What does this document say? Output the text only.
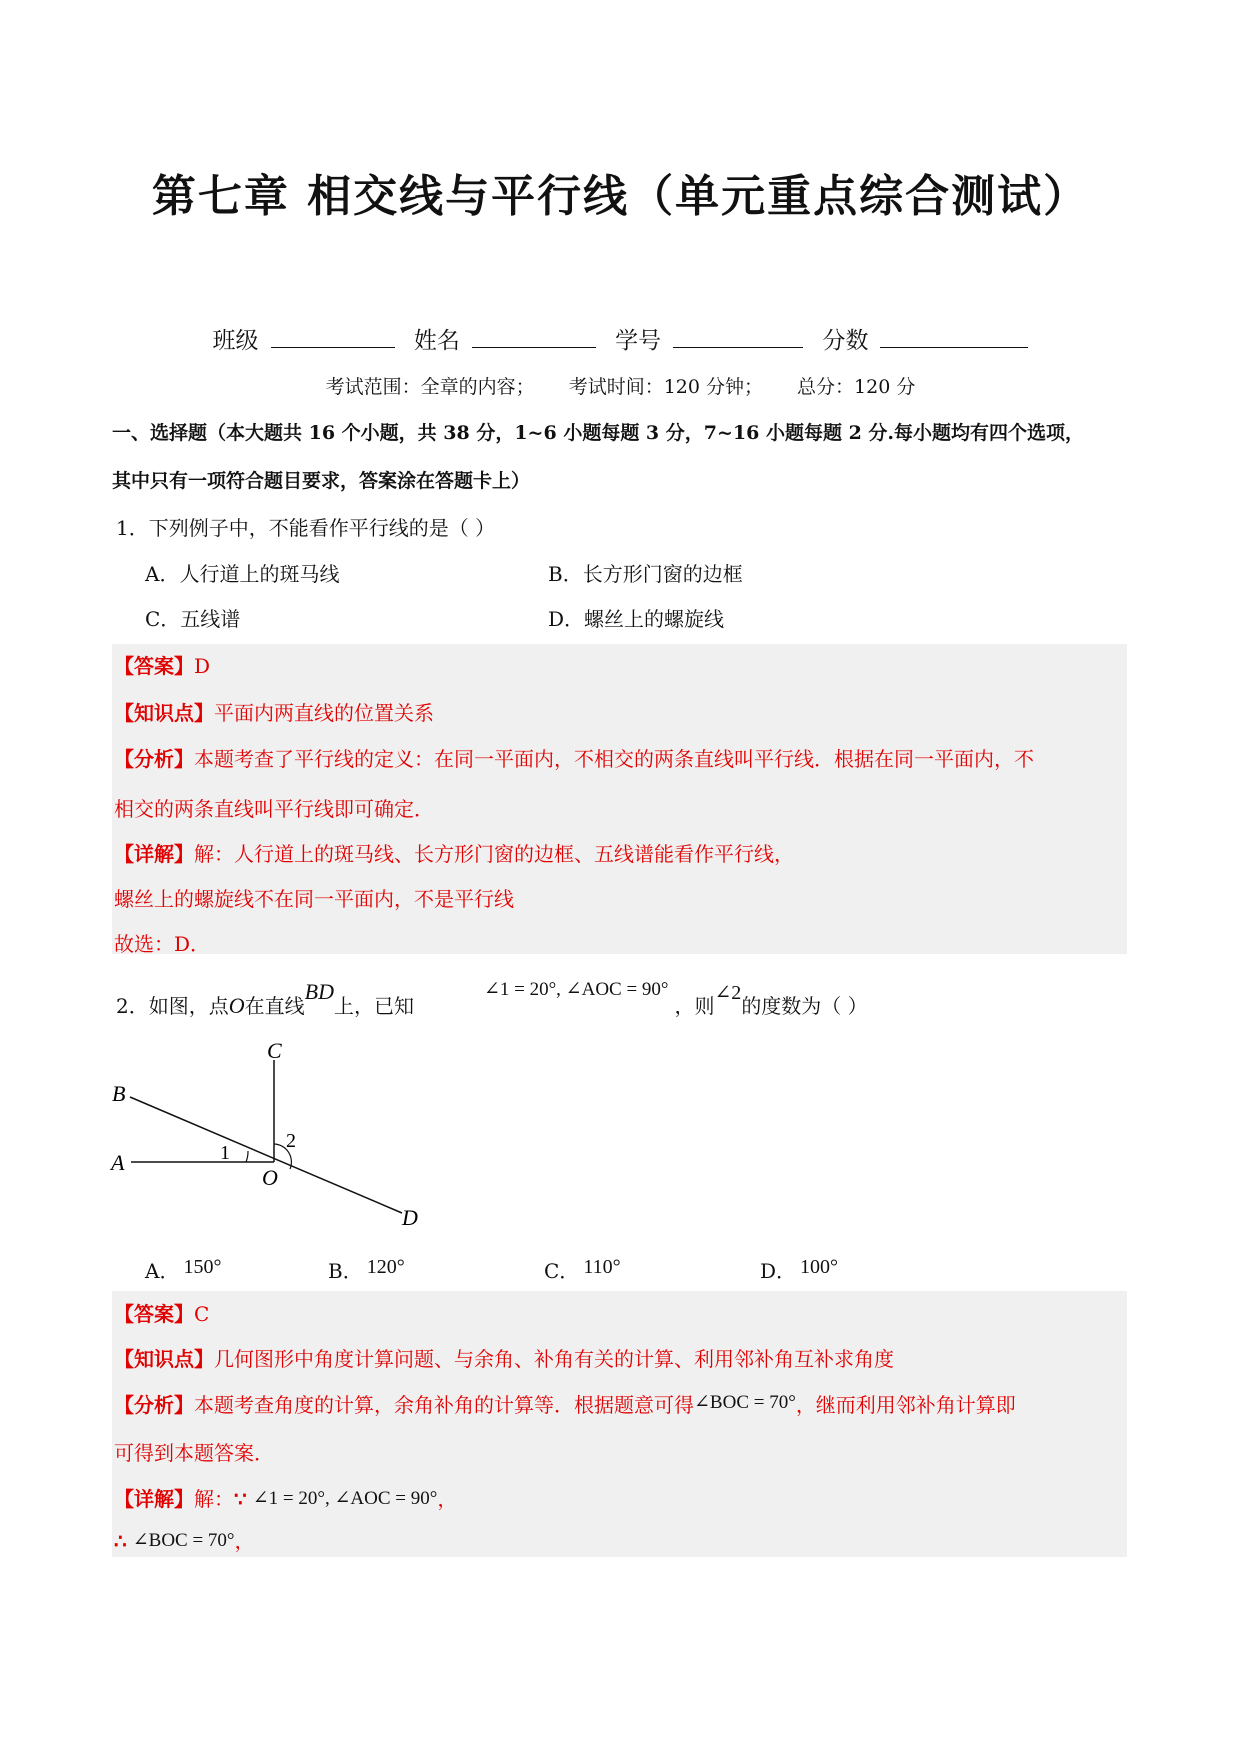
第七章 相交线与平行线（单元重点综合测试）
班级	姓名	学号	分数
考试范围：全章的内容； 考试时间：120 分钟； 总分：120 分
一、选择题（本大题共 16 个小题，共 38 分，1~6 小题每题 3 分，7~16 小题每题 2 分.每小题均有四个选项，
其中只有一项符合题目要求，答案涂在答题卡上）
1．下列例子中，不能看作平行线的是（ ）
A．人行道上的斑马线	B．长方形门窗的边框
C．五线谱	D．螺丝上的螺旋线
【答案】D
【知识点】平面内两直线的位置关系
【分析】本题考查了平行线的定义：在同一平面内，不相交的两条直线叫平行线．根据在同一平面内，不
相交的两条直线叫平行线即可确定．
【详解】解：人行道上的斑马线、长方形门窗的边框、五线谱能看作平行线，
螺丝上的螺旋线不在同一平面内，不是平行线
故选：D．
2．如图，点O在直线BD上，已知∠1 = 20°, ∠AOC = 90°，则∠2的度数为（ ）
C
B
A
O
D
1
2
A． 150°	B． 120°	C． 110°	D． 100°
【答案】C
【知识点】几何图形中角度计算问题、与余角、补角有关的计算、利用邻补角互补求角度
【分析】本题考查角度的计算，余角补角的计算等．根据题意可得∠BOC = 70°，继而利用邻补角计算即
可得到本题答案．
【详解】解：∵ ∠1 = 20°, ∠AOC = 90°，
∴ ∠BOC = 70°，
